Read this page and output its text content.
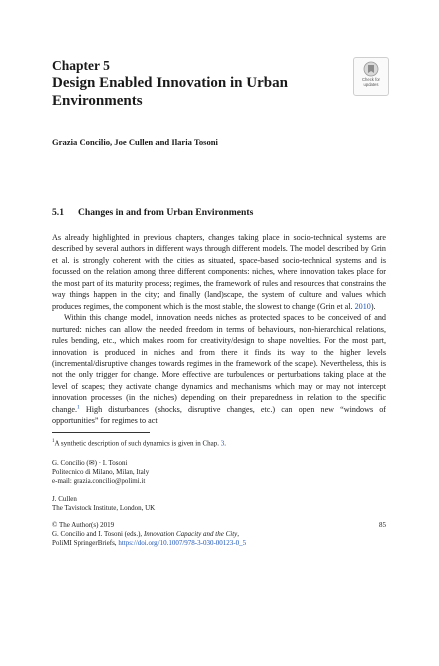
Check for
updates
Chapter 5
Design Enabled Innovation in Urban Environments
Grazia Concilio, Joe Cullen and Ilaria Tosoni
5.1 Changes in and from Urban Environments

As already highlighted in previous chapters, changes taking place in socio-technical systems are described by several authors in different ways through different models. The model described by Grin et al. is strongly coherent with the cities as situated, space-based socio-technical systems and is focussed on the relation among three different components: niches, where innovation takes place for the most part of its maturity process; regimes, the framework of rules and resources that constrains the way things happen in the city; and finally (land)scape, the system of culture and values which produces regimes, the component which is the most stable, the slowest to change (Grin et al. 2010).

Within this change model, innovation needs niches as protected spaces to be conceived of and nurtured: niches can allow the needed freedom in terms of behaviours, non-hierarchical relations, rules bending, etc., which makes room for creativity/design to shape novelties. For the most part, innovation is produced in niches and from there it finds its way to the higher levels (incremental/disruptive changes towards regimes in the framework of the scape). Nevertheless, this is not the only trigger for change. More effective are turbulences or perturbations taking place at the level of scapes; they activate change dynamics and mechanisms which may or may not intercept innovation processes (in the niches) depending on their preparedness in relation to the specific change.$^1$ High disturbances (shocks, disruptive changes, etc.) can open new “windows of opportunities” for regimes to act

$^1$A synthetic description of such dynamics is given in Chap. 3.
G. Concilio (✉) · I. Tosoni
Politecnico di Milano, Milan, Italy
e-mail: grazia.concilio@polimi.it
J. Cullen
The Tavistock Institute, London, UK
85
© The Author(s) 2019
G. Concilio and I. Tosoni (eds.), Innovation Capacity and the City,
PoliMI SpringerBriefs, https://doi.org/10.1007/978-3-030-00123-0_5
